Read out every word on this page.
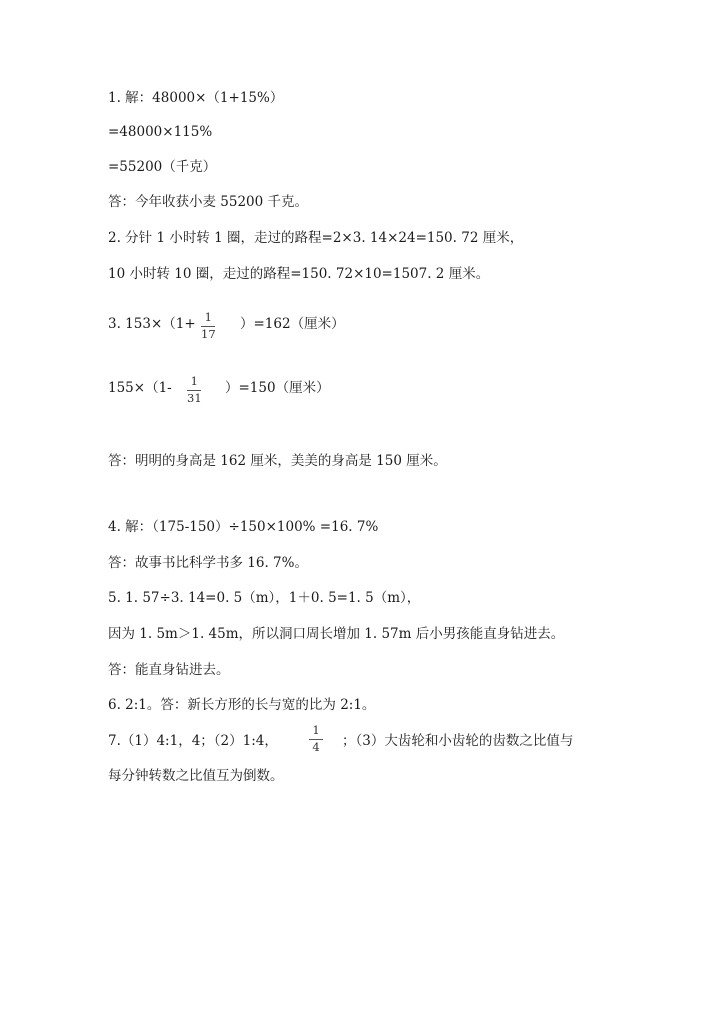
1. 解：48000×（1+15%）
=48000×115%
=55200（千克）
答：今年收获小麦 55200 千克。
2. 分针 1 小时转 1 圈，走过的路程=2×3. 14×24=150. 72 厘米，
10 小时转 10 圈，走过的路程=150. 72×10=1507. 2 厘米。
3. 153×（1+ 1
17
）=162（厘米）
155×（1- 1
31
）=150（厘米）
答：明明的身高是 162 厘米，美美的身高是 150 厘米。
4. 解：（175-150）÷150×100% =16. 7%
答：故事书比科学书多 16. 7%。
5. 1. 57÷3. 14=0. 5（m），1＋0. 5=1. 5（m），
因为 1. 5m＞1. 45m，所以洞口周长增加 1. 57m 后小男孩能直身钻进去。
答：能直身钻进去。
6. 2:1。答：新长方形的长与宽的比为 2:1。
7.（1）4:1，4；（2）1:4，
1
4 ；（3）大齿轮和小齿轮的齿数之比值与
每分钟转数之比值互为倒数。
